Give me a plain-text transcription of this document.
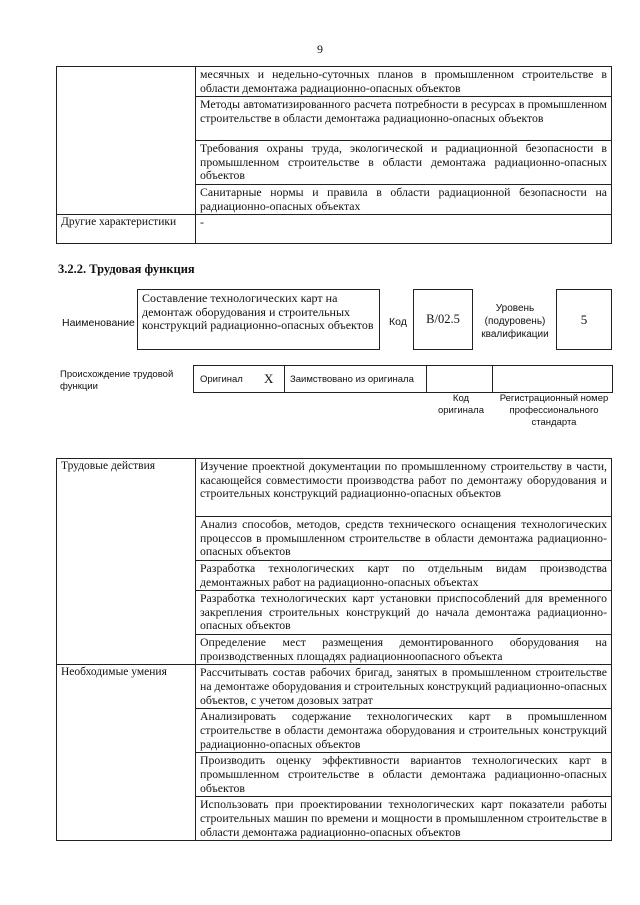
9
	месячных и недельно-суточных планов в промышленном строительстве в области демонтажа радиационно-опасных объектов
	Методы автоматизированного расчета потребности в ресурсах в промышленном строительстве в области демонтажа радиационно-опасных объектов
	Требования охраны труда, экологической и радиационной безопасности в промышленном строительстве в области демонтажа радиационно-опасных объектов
	Санитарные нормы и правила в области радиационной безопасности на радиационно-опасных объектах
Другие характеристики	-
3.2.2. Трудовая функция
Наименование
Составление технологических карт на демонтаж оборудования и строительных конструкций радиационно-опасных объектов	Код	В/02.5
Уровень (подуровень) квалификации
5
Происхождение трудовой функции
Оригинал X Заимствовано из оригинала
Код оригинала
Регистрационный номер профессионального стандарта
Трудовые действия	Изучение проектной документации по промышленному строительству в части, касающейся совместимости производства работ по демонтажу оборудования и строительных конструкций радиационно-опасных объектов
	Анализ способов, методов, средств технического оснащения технологических процессов в промышленном строительстве в области демонтажа радиационно-опасных объектов
	Разработка технологических карт по отдельным видам производства демонтажных работ на радиационно-опасных объектах
	Разработка технологических карт установки приспособлений для временного закрепления строительных конструкций до начала демонтажа радиационно-опасных объектов
	Определение мест размещения демонтированного оборудования на производственных площадях радиационноопасного объекта
Необходимые умения	Рассчитывать состав рабочих бригад, занятых в промышленном строительстве на демонтаже оборудования и строительных конструкций радиационно-опасных объектов, с учетом дозовых затрат
	Анализировать содержание технологических карт в промышленном строительстве в области демонтажа оборудования и строительных конструкций радиационно-опасных объектов
	Производить оценку эффективности вариантов технологических карт в промышленном строительстве в области демонтажа радиационно-опасных объектов
	Использовать при проектировании технологических карт показатели работы строительных машин по времени и мощности в промышленном строительстве в области демонтажа радиационно-опасных объектов
